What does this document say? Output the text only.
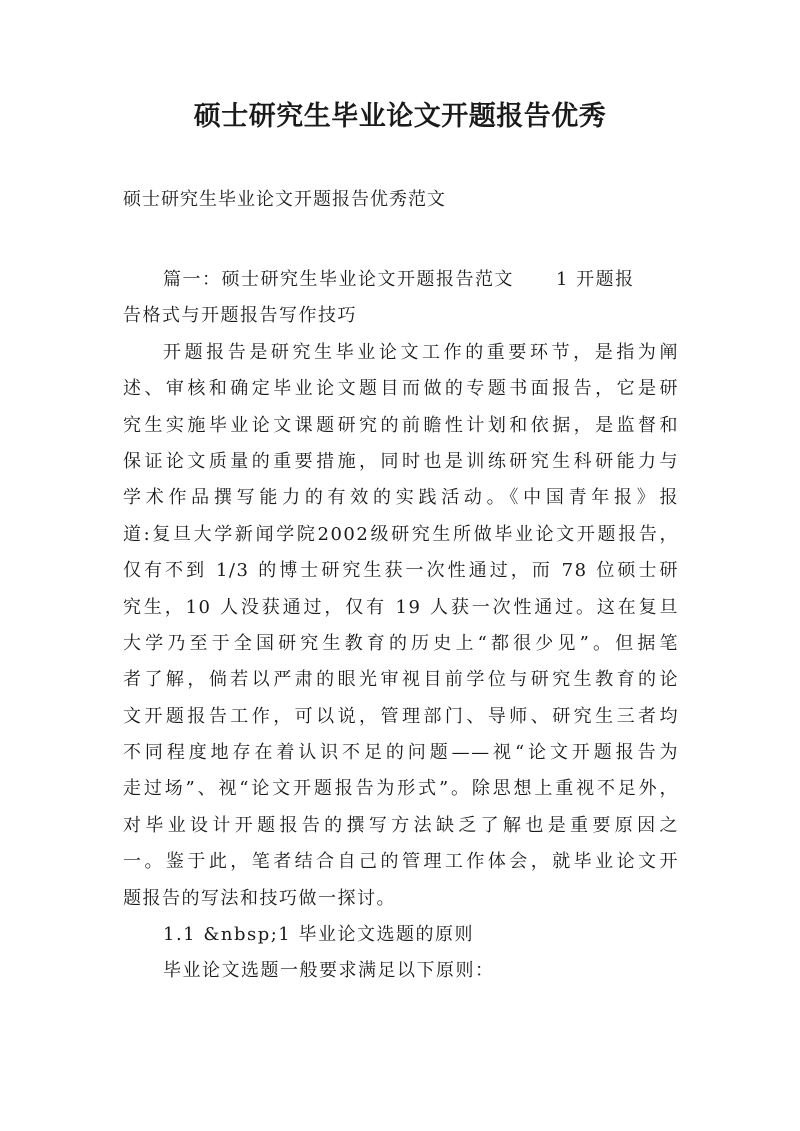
硕士研究生毕业论文开题报告优秀

硕士研究生毕业论文开题报告优秀范文

篇一：硕士研究生毕业论文开题报告范文 1 开题报
告格式与开题报告写作技巧
开题报告是研究生毕业论文工作的重要环节，是指为阐
述、审核和确定毕业论文题目而做的专题书面报告，它是研
究生实施毕业论文课题研究的前瞻性计划和依据，是监督和
保证论文质量的重要措施，同时也是训练研究生科研能力与
学术作品撰写能力的有效的实践活动。《中国青年报》报
道:复旦大学新闻学院2002级研究生所做毕业论文开题报告，
仅有不到 1/3 的博士研究生获一次性通过，而 78 位硕士研
究生，10 人没获通过，仅有 19 人获一次性通过。这在复旦
大学乃至于全国研究生教育的历史上“都很少见”。但据笔
者了解，倘若以严肃的眼光审视目前学位与研究生教育的论
文开题报告工作，可以说，管理部门、导师、研究生三者均
不同程度地存在着认识不足的问题——视“论文开题报告为
走过场”、视“论文开题报告为形式”。除思想上重视不足外，
对毕业设计开题报告的撰写方法缺乏了解也是重要原因之
一。鉴于此，笔者结合自己的管理工作体会，就毕业论文开
题报告的写法和技巧做一探讨。
1.1 &nbsp;1 毕业论文选题的原则
毕业论文选题一般要求满足以下原则：
